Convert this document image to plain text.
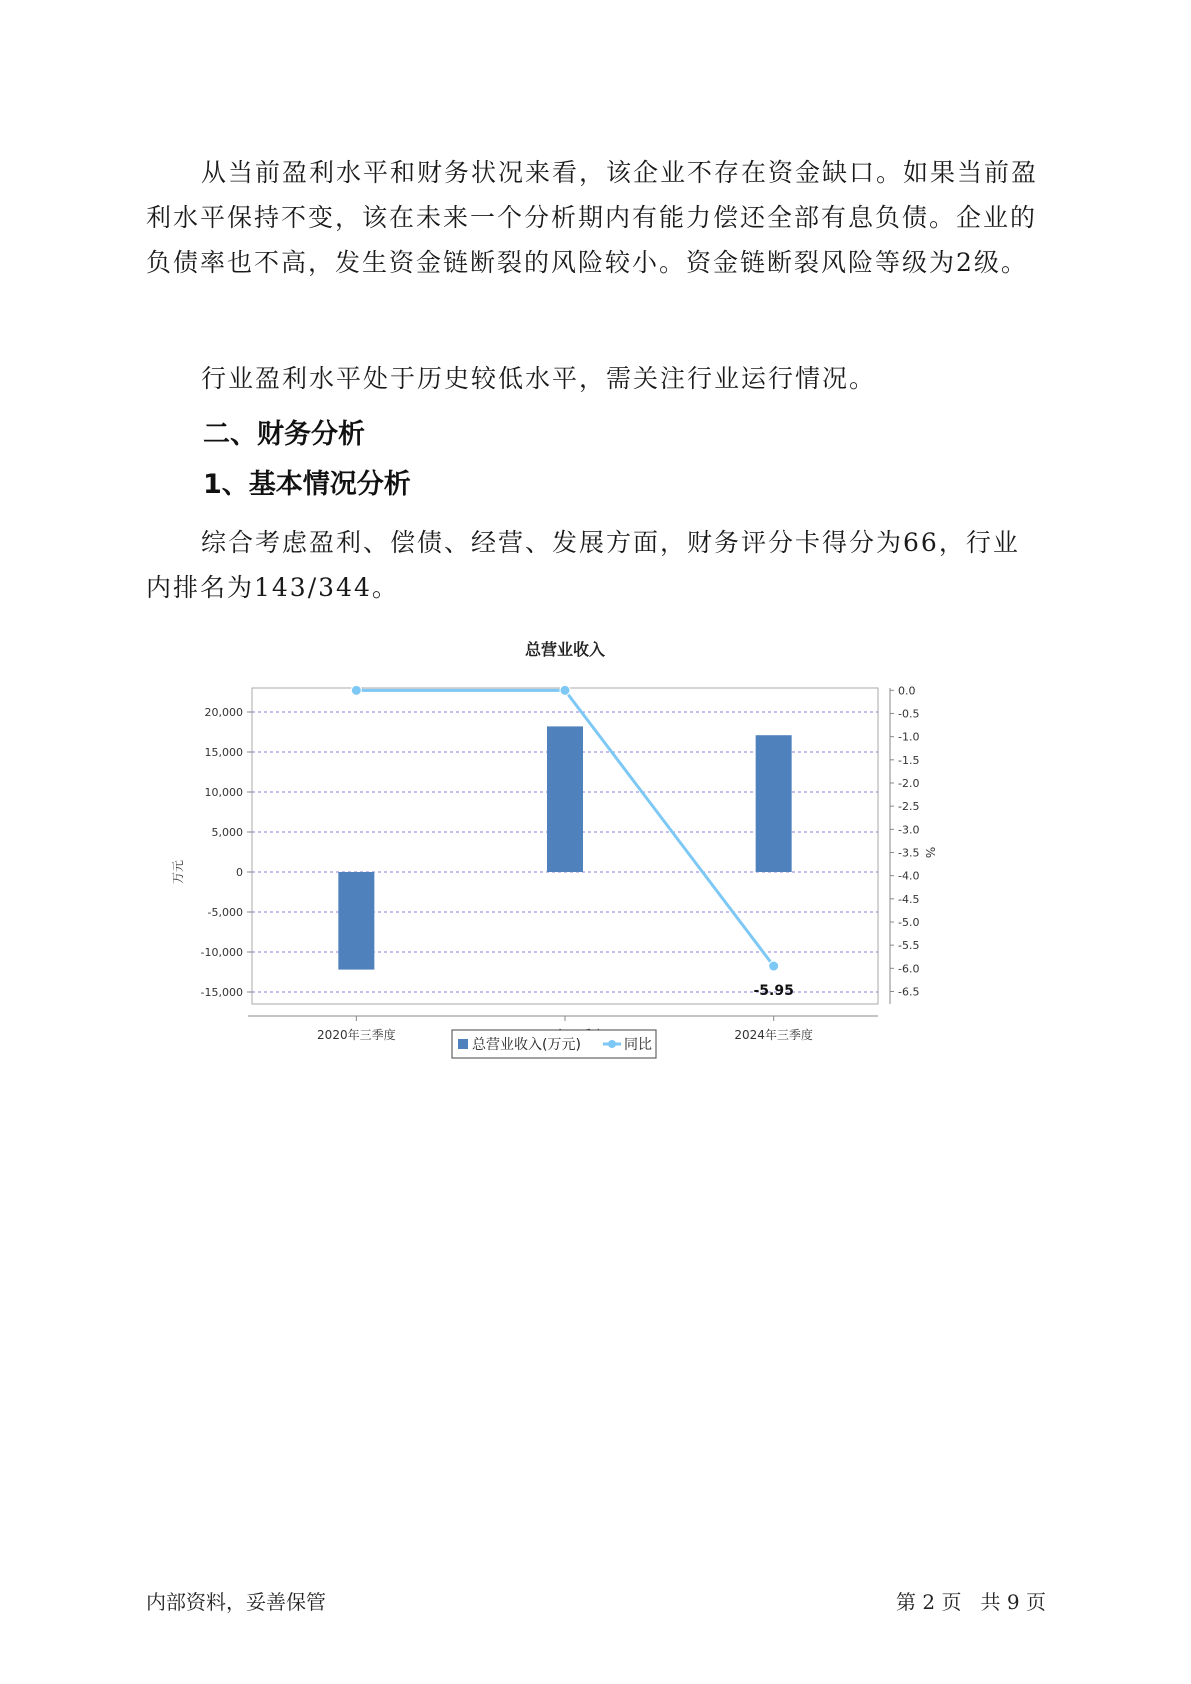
从当前盈利水平和财务状况来看，该企业不存在资金缺口。如果当前盈利水平保持不变，该在未来一个分析期内有能力偿还全部有息负债。企业的负债率也不高，发生资金链断裂的风险较小。资金链断裂风险等级为2级。

行业盈利水平处于历史较低水平，需关注行业运行情况。

二、财务分析
1、基本情况分析

综合考虑盈利、偿债、经营、发展方面，财务评分卡得分为66，行业内排名为143/344。

总营业收入
20,000
15,000
10,000
5,000
0
-5,000
-10,000
-15,000
0.0
-0.5
-1.0
-1.5
-2.0
-2.5
-3.0
-3.5
-4.0
-4.5
-5.0
-5.5
-6.0
-6.5
万元
%
2020年三季度	2024年三季度
-5.95
总营业收入(万元)	同比
内部资料，妥善保管	第 2 页   共 9 页
